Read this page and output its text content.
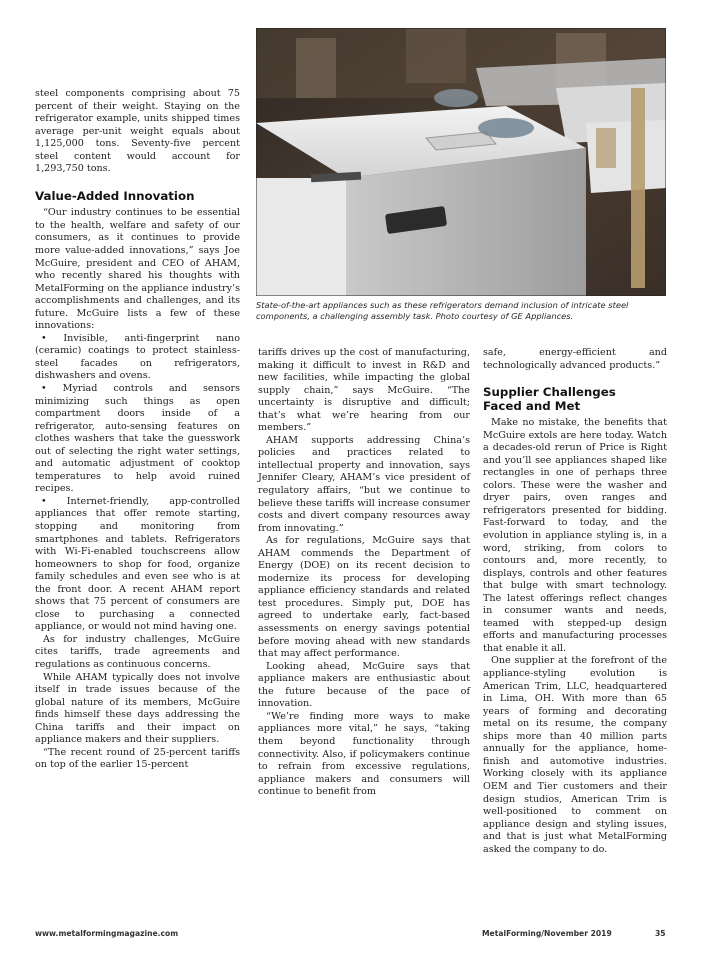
steel components comprising about 75 percent of their weight. Staying on the refrigerator example, units shipped times average per-unit weight equals about 1,125,000 tons. Seventy-five percent steel content would account for 1,293,750 tons.

Value-Added Innovation

“Our industry continues to be essential to the health, welfare and safety of our consumers, as it continues to provide more value-added innovations,” says Joe McGuire, president and CEO of AHAM, who recently shared his thoughts with MetalForming on the appliance industry’s accomplishments and challenges, and its future. McGuire lists a few of these innovations:

• Invisible, anti-fingerprint nano (ceramic) coatings to protect stainless-steel facades on refrigerators, dishwashers and ovens.

• Myriad controls and sensors minimizing such things as open compartment doors inside of a refrigerator, auto-sensing features on clothes washers that take the guesswork out of selecting the right water settings, and automatic adjustment of cooktop temperatures to help avoid ruined recipes.

• Internet-friendly, app-controlled appliances that offer remote starting, stopping and monitoring from smartphones and tablets. Refrigerators with Wi-Fi-enabled touchscreens allow homeowners to shop for food, organize family schedules and even see who is at the front door. A recent AHAM report shows that 75 percent of consumers are close to purchasing a connected appliance, or would not mind having one.

As for industry challenges, McGuire cites tariffs, trade agreements and regulations as continuous concerns.

While AHAM typically does not involve itself in trade issues because of the global nature of its members, McGuire finds himself these days addressing the China tariffs and their impact on appliance makers and their suppliers.

“The recent round of 25-percent tariffs on top of the earlier 15-percent

State-of-the-art appliances such as these refrigerators demand inclusion of intricate steel components, a challenging assembly task. Photo courtesy of GE Appliances.

tariffs drives up the cost of manufacturing, making it difficult to invest in R&D and new facilities, while impacting the global supply chain,” says McGuire. “The uncertainty is disruptive and difficult; that’s what we’re hearing from our members.”

AHAM supports addressing China’s policies and practices related to intellectual property and innovation, says Jennifer Cleary, AHAM’s vice president of regulatory affairs, “but we continue to believe these tariffs will increase consumer costs and divert company resources away from innovating.”

As for regulations, McGuire says that AHAM commends the Department of Energy (DOE) on its recent decision to modernize its process for developing appliance efficiency standards and related test procedures. Simply put, DOE has agreed to undertake early, fact-based assessments on energy savings potential before moving ahead with new standards that may affect performance.

Looking ahead, McGuire says that appliance makers are enthusiastic about the future because of the pace of innovation.

“We’re finding more ways to make appliances more vital,” he says, “taking them beyond functionality through connectivity. Also, if policymakers continue to refrain from excessive regulations, appliance makers and consumers will continue to benefit from

safe, energy-efficient and technologically advanced products.”

Supplier Challenges
Faced and Met

Make no mistake, the benefits that McGuire extols are here today. Watch a decades-old rerun of Price is Right and you’ll see appliances shaped like rectangles in one of perhaps three colors. These were the washer and dryer pairs, oven ranges and refrigerators presented for bidding. Fast-forward to today, and the evolution in appliance styling is, in a word, striking, from colors to contours and, more recently, to displays, controls and other features that bulge with smart technology. The latest offerings reflect changes in consumer wants and needs, teamed with stepped-up design efforts and manufacturing processes that enable it all.

One supplier at the forefront of the appliance-styling evolution is American Trim, LLC, headquartered in Lima, OH. With more than 65 years of forming and decorating metal on its resume, the company ships more than 40 million parts annually for the appliance, home-finish and automotive industries. Working closely with its appliance OEM and Tier customers and their design studios, American Trim is well-positioned to comment on appliance design and styling issues, and that is just what MetalForming asked the company to do.

www.metalformingmagazine.com	MetalForming/November 2019	35
